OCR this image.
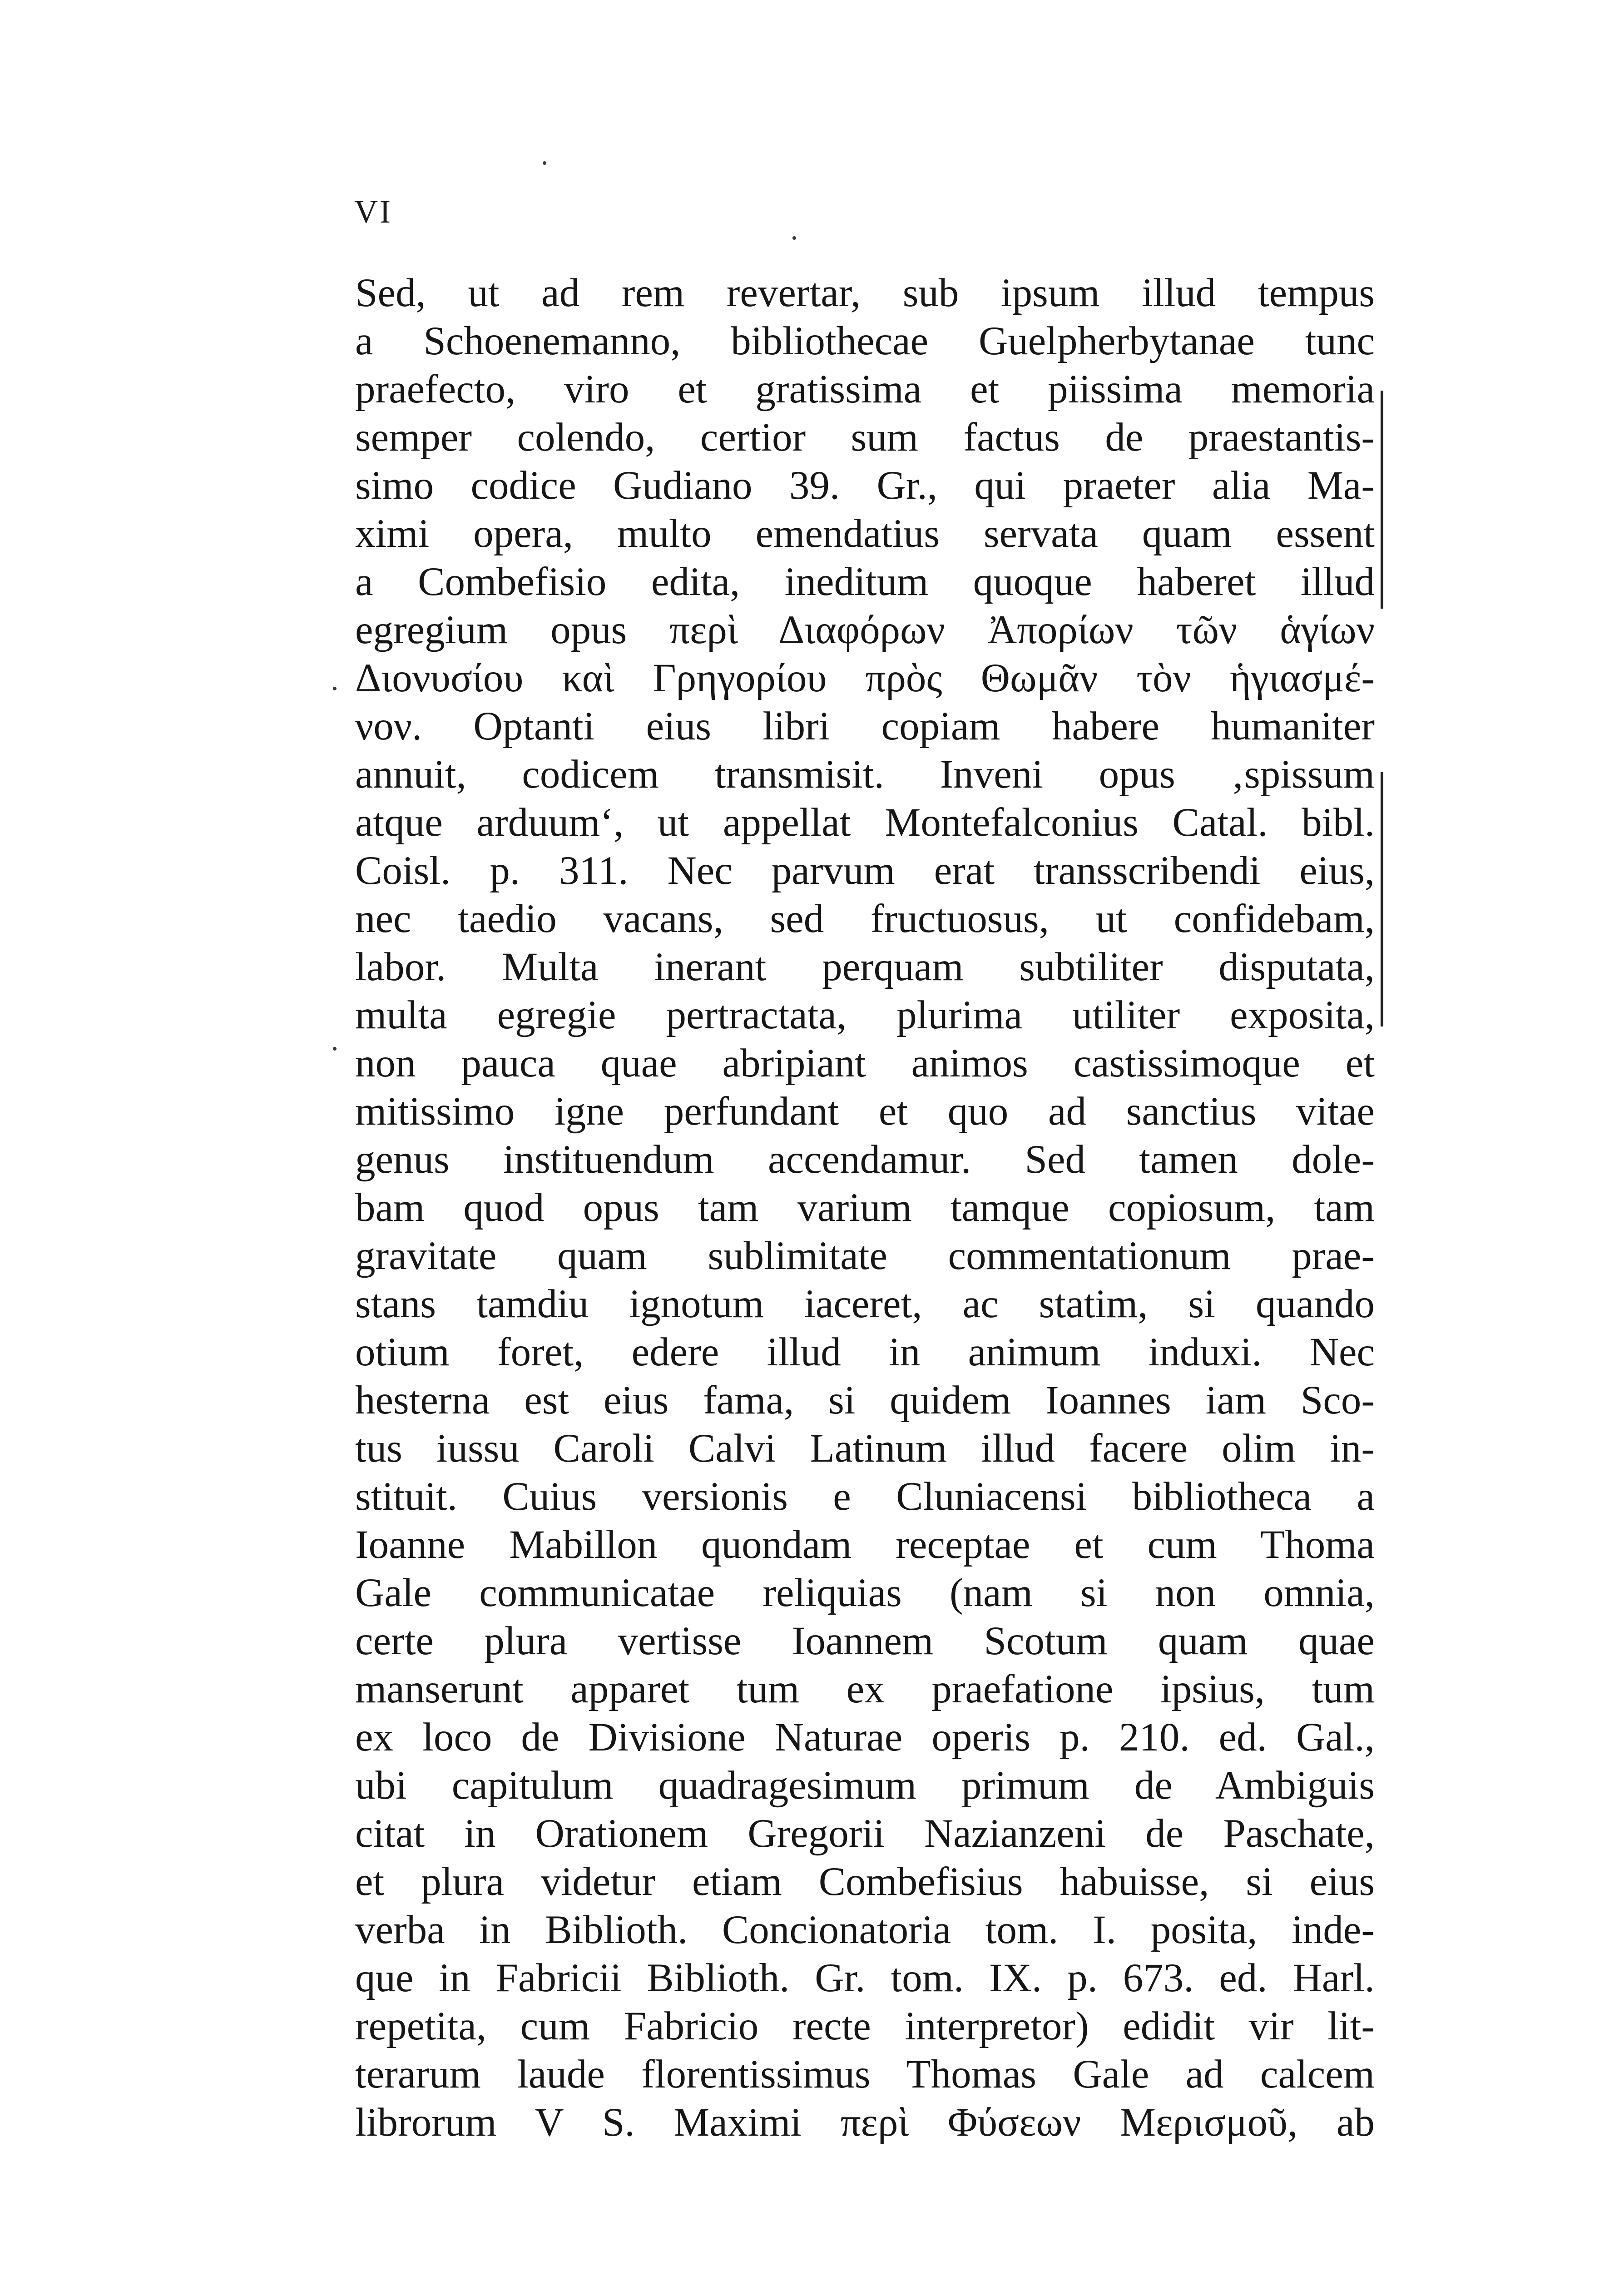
VI
Sed, ut ad rem revertar, sub ipsum illud tempus
a Schoenemanno, bibliothecae Guelpherbytanae tunc
praefecto, viro et gratissima et piissima memoria
semper colendo, certior sum factus de praestantis-
simo codice Gudiano 39. Gr., qui praeter alia Ma-
ximi opera, multo emendatius servata quam essent
a Combefisio edita, ineditum quoque haberet illud
egregium opus περὶ Διαφόρων Ἀπορίων τῶν ἁγίων
Διονυσίου καὶ Γρηγορίου πρὸς Θωμᾶν τὸν ἡγιασμέ-
νον. Optanti eius libri copiam habere humaniter
annuit, codicem transmisit. Inveni opus ‚spissum
atque arduum‘, ut appellat Montefalconius Catal. bibl.
Coisl. p. 311. Nec parvum erat transscribendi eius,
nec taedio vacans, sed fructuosus, ut confidebam,
labor. Multa inerant perquam subtiliter disputata,
multa egregie pertractata, plurima utiliter exposita,
non pauca quae abripiant animos castissimoque et
mitissimo igne perfundant et quo ad sanctius vitae
genus instituendum accendamur. Sed tamen dole-
bam quod opus tam varium tamque copiosum, tam
gravitate quam sublimitate commentationum prae-
stans tamdiu ignotum iaceret, ac statim, si quando
otium foret, edere illud in animum induxi. Nec
hesterna est eius fama, si quidem Ioannes iam Sco-
tus iussu Caroli Calvi Latinum illud facere olim in-
stituit. Cuius versionis e Cluniacensi bibliotheca a
Ioanne Mabillon quondam receptae et cum Thoma
Gale communicatae reliquias (nam si non omnia,
certe plura vertisse Ioannem Scotum quam quae
manserunt apparet tum ex praefatione ipsius, tum
ex loco de Divisione Naturae operis p. 210. ed. Gal.,
ubi capitulum quadragesimum primum de Ambiguis
citat in Orationem Gregorii Nazianzeni de Paschate,
et plura videtur etiam Combefisius habuisse, si eius
verba in Biblioth. Concionatoria tom. I. posita, inde-
que in Fabricii Biblioth. Gr. tom. IX. p. 673. ed. Harl.
repetita, cum Fabricio recte interpretor) edidit vir lit-
terarum laude florentissimus Thomas Gale ad calcem
librorum V S. Maximi περὶ Φύσεων Μερισμοῦ, ab
